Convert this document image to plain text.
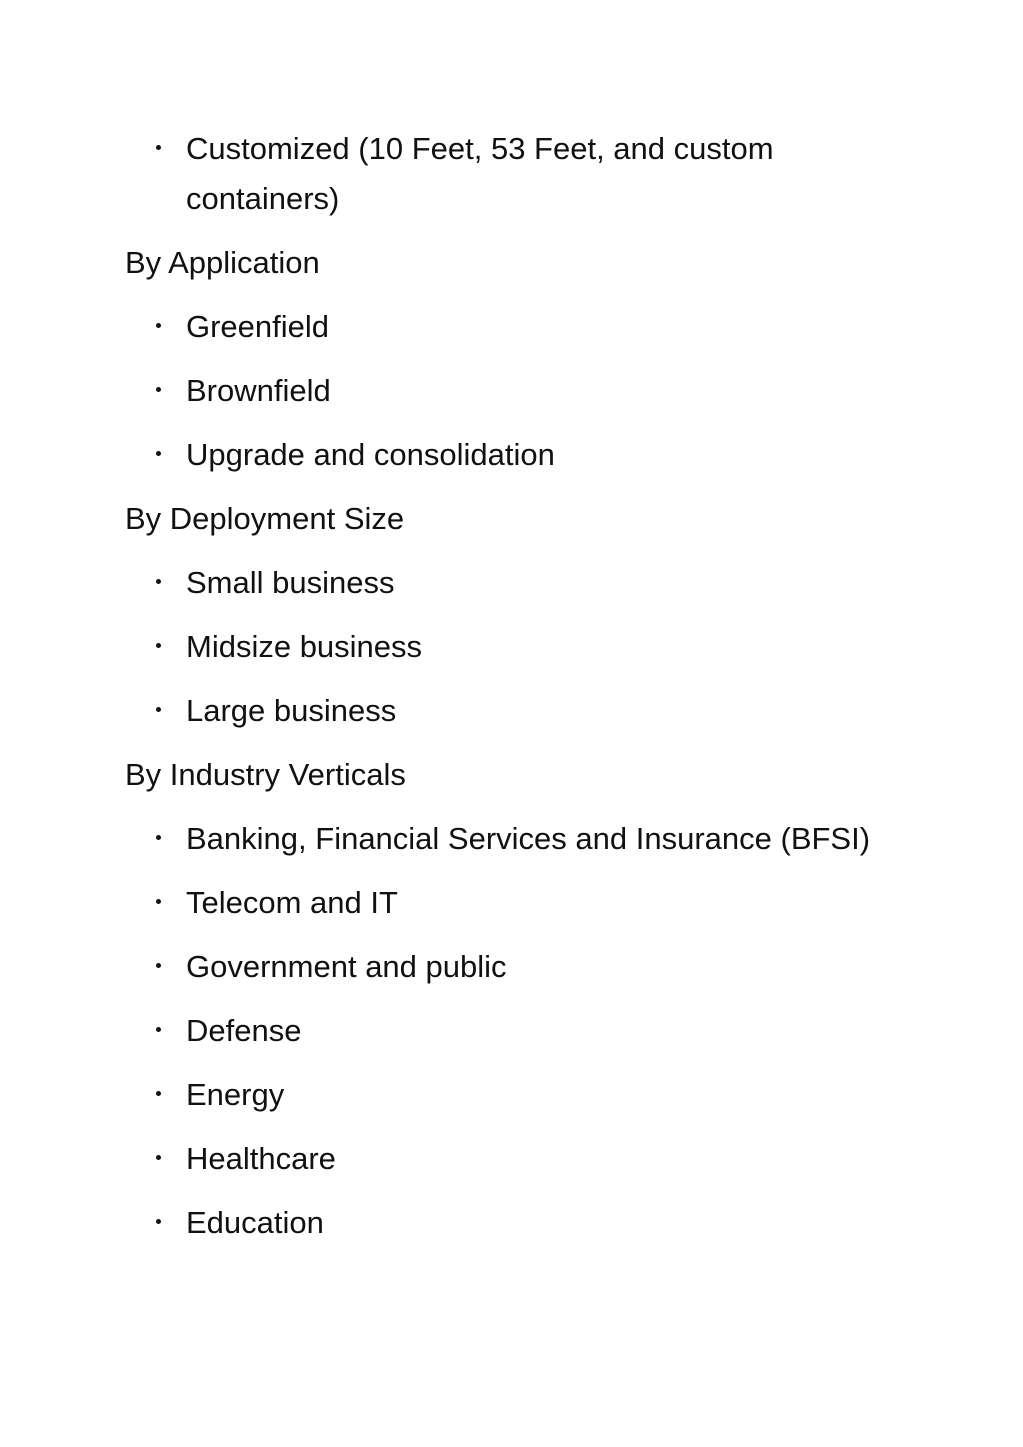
Customized (10 Feet, 53 Feet, and custom containers)

By Application

Greenfield
Brownfield
Upgrade and consolidation

By Deployment Size

Small business
Midsize business
Large business

By Industry Verticals

Banking, Financial Services and Insurance (BFSI)
Telecom and IT
Government and public
Defense
Energy
Healthcare
Education
